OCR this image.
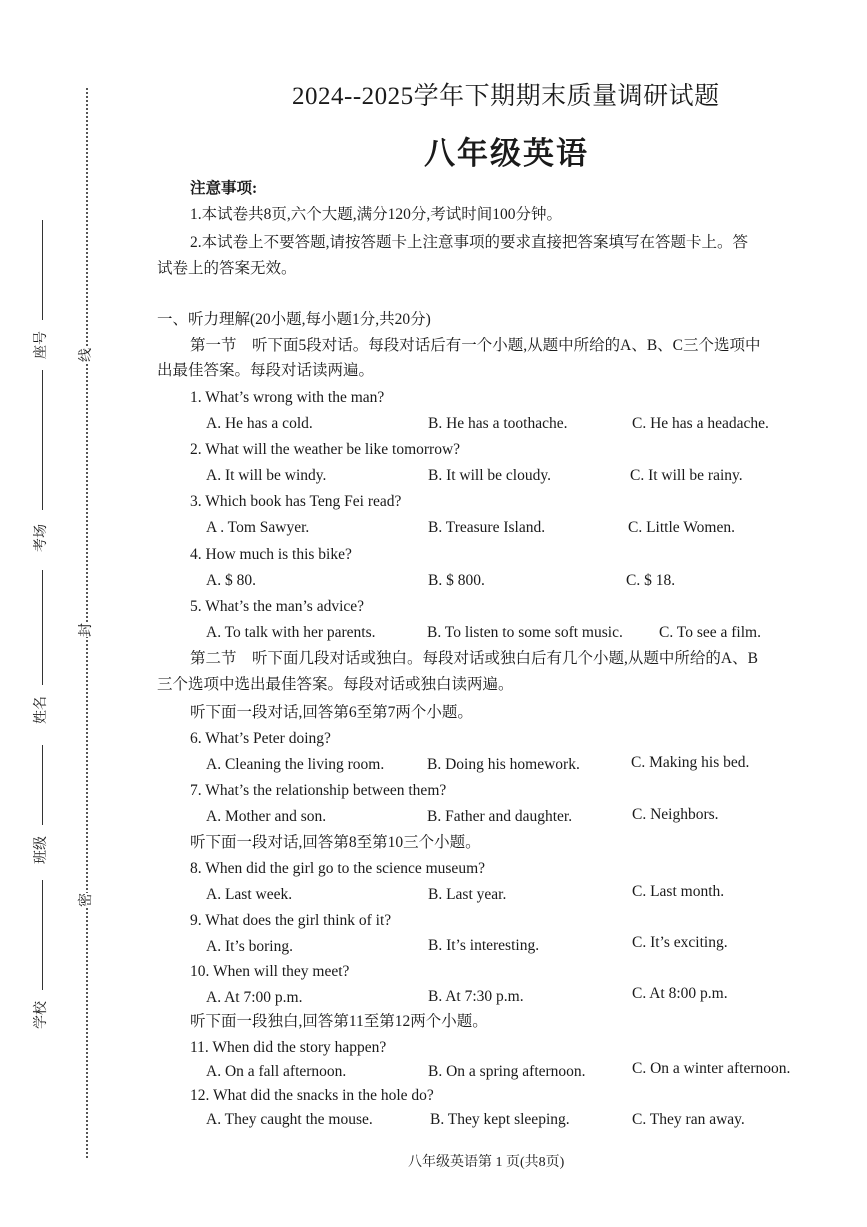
座号
考场
姓名
班级
学校
线
封
密
2024--2025学年下期期末质量调研试题
八年级英语
注意事项:
1.本试卷共8页,六个大题,满分120分,考试时间100分钟。
2.本试卷上不要答题,请按答题卡上注意事项的要求直接把答案填写在答题卡上。答
试卷上的答案无效。
一、听力理解(20小题,每小题1分,共20分)
第一节　听下面5段对话。每段对话后有一个小题,从题中所给的A、B、C三个选项中
出最佳答案。每段对话读两遍。
1. What’s wrong with the man?
A. He has a cold.	B. He has a toothache.	C. He has a headache.
2. What will the weather be like tomorrow?
A. It will be windy.	B. It will be cloudy.	C. It will be rainy.
3. Which book has Teng Fei read?
A . Tom Sawyer.	B. Treasure Island.	C. Little Women.
4. How much is this bike?
A. $ 80.	B. $ 800.	C. $ 18.
5. What’s the man’s advice?
A. To talk with her parents.	B. To listen to some soft music. C. To see a film.
第二节　听下面几段对话或独白。每段对话或独白后有几个小题,从题中所给的A、B
三个选项中选出最佳答案。每段对话或独白读两遍。
听下面一段对话,回答第6至第7两个小题。
6. What’s Peter doing?
A. Cleaning the living room.	B. Doing his homework.	C. Making his bed.
7. What’s the relationship between them?
A. Mother and son.	B. Father and daughter.	C. Neighbors.
听下面一段对话,回答第8至第10三个小题。
8. When did the girl go to the science museum?
A. Last week.	B. Last year.	C. Last month.
9. What does the girl think of it?
A. It’s boring.	B. It’s interesting.	C. It’s exciting.
10. When will they meet?
A. At 7:00 p.m.	B. At 7:30 p.m.	C. At 8:00 p.m.
听下面一段独白,回答第11至第12两个小题。
11. When did the story happen?
A. On a fall afternoon.	B. On a spring afternoon.	C. On a winter afternoon.
12. What did the snacks in the hole do?
A. They caught the mouse.	B. They kept sleeping.	C. They ran away.
八年级英语第 1 页(共8页)
